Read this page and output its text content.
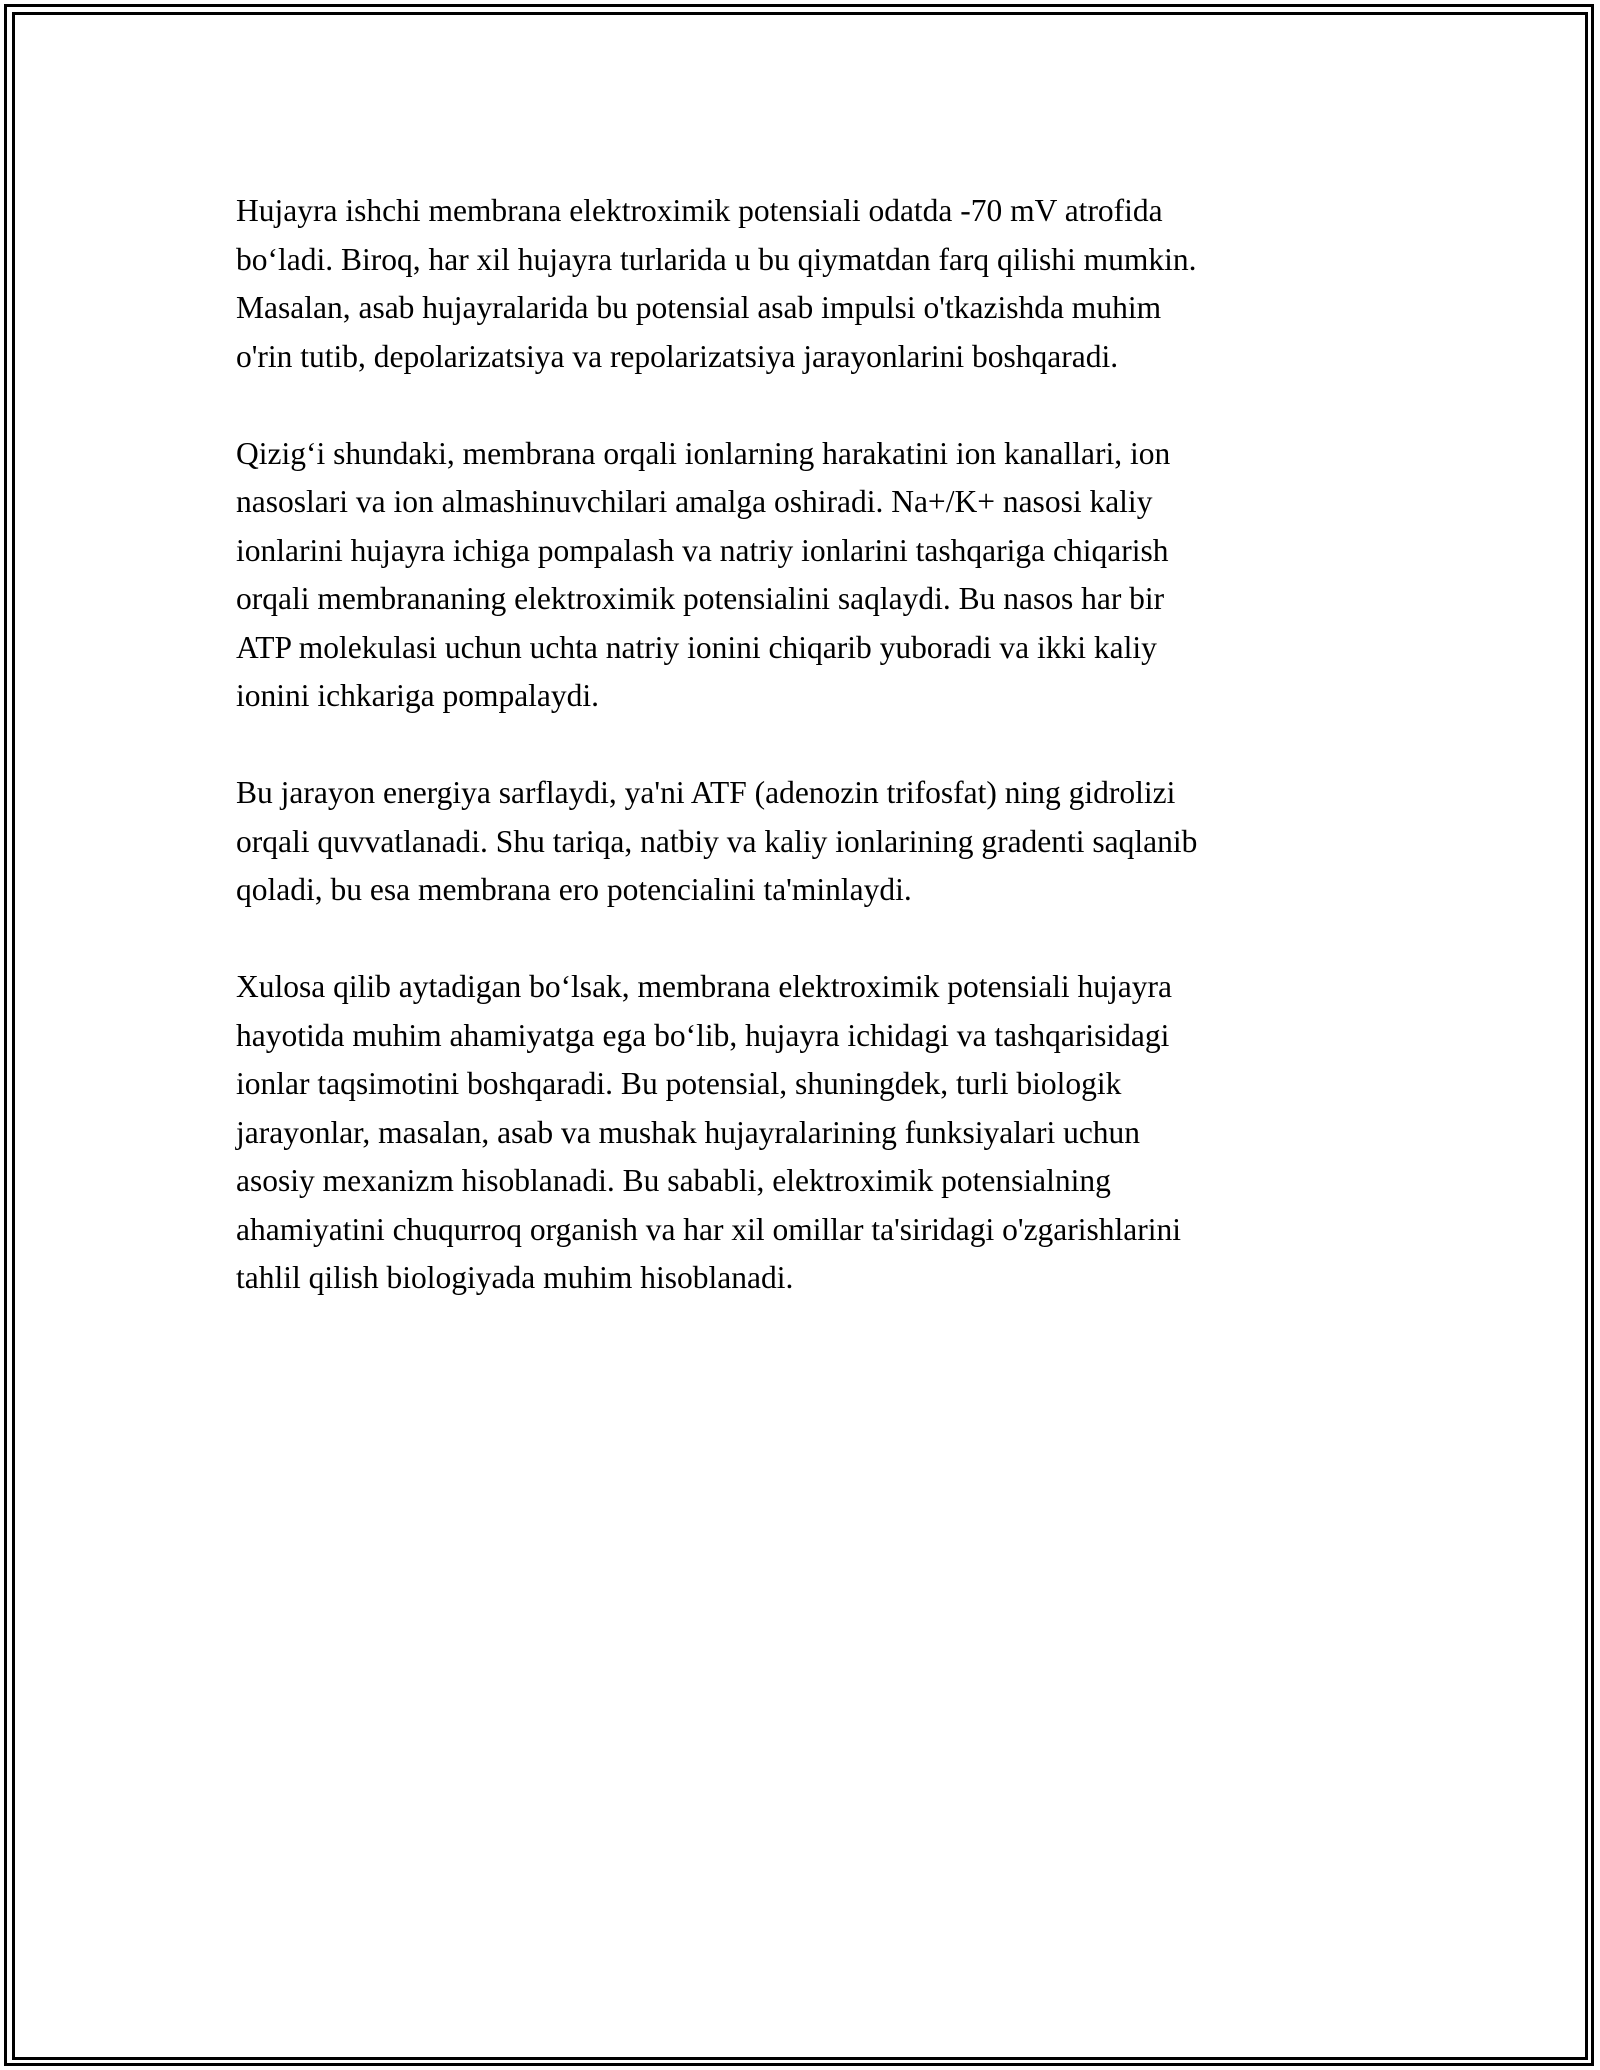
Hujayra ishchi membrana elektroximik potensiali odatda -70 mV atrofida
bo‘ladi. Biroq, har xil hujayra turlarida u bu qiymatdan farq qilishi mumkin.
Masalan, asab hujayralarida bu potensial asab impulsi o'tkazishda muhim
o'rin tutib, depolarizatsiya va repolarizatsiya jarayonlarini boshqaradi.

Qizig‘i shundaki, membrana orqali ionlarning harakatini ion kanallari, ion
nasoslari va ion almashinuvchilari amalga oshiradi. Na+/K+ nasosi kaliy
ionlarini hujayra ichiga pompalash va natriy ionlarini tashqariga chiqarish
orqali membrananing elektroximik potensialini saqlaydi. Bu nasos har bir
ATP molekulasi uchun uchta natriy ionini chiqarib yuboradi va ikki kaliy
ionini ichkariga pompalaydi.

Bu jarayon energiya sarflaydi, ya'ni ATF (adenozin trifosfat) ning gidrolizi
orqali quvvatlanadi. Shu tariqa, natbiy va kaliy ionlarining gradenti saqlanib
qoladi, bu esa membrana ero potencialini ta'minlaydi.

Xulosa qilib aytadigan bo‘lsak, membrana elektroximik potensiali hujayra
hayotida muhim ahamiyatga ega bo‘lib, hujayra ichidagi va tashqarisidagi
ionlar taqsimotini boshqaradi. Bu potensial, shuningdek, turli biologik
jarayonlar, masalan, asab va mushak hujayralarining funksiyalari uchun
asosiy mexanizm hisoblanadi. Bu sababli, elektroximik potensialning
ahamiyatini chuqurroq organish va har xil omillar ta'siridagi o'zgarishlarini
tahlil qilish biologiyada muhim hisoblanadi.
